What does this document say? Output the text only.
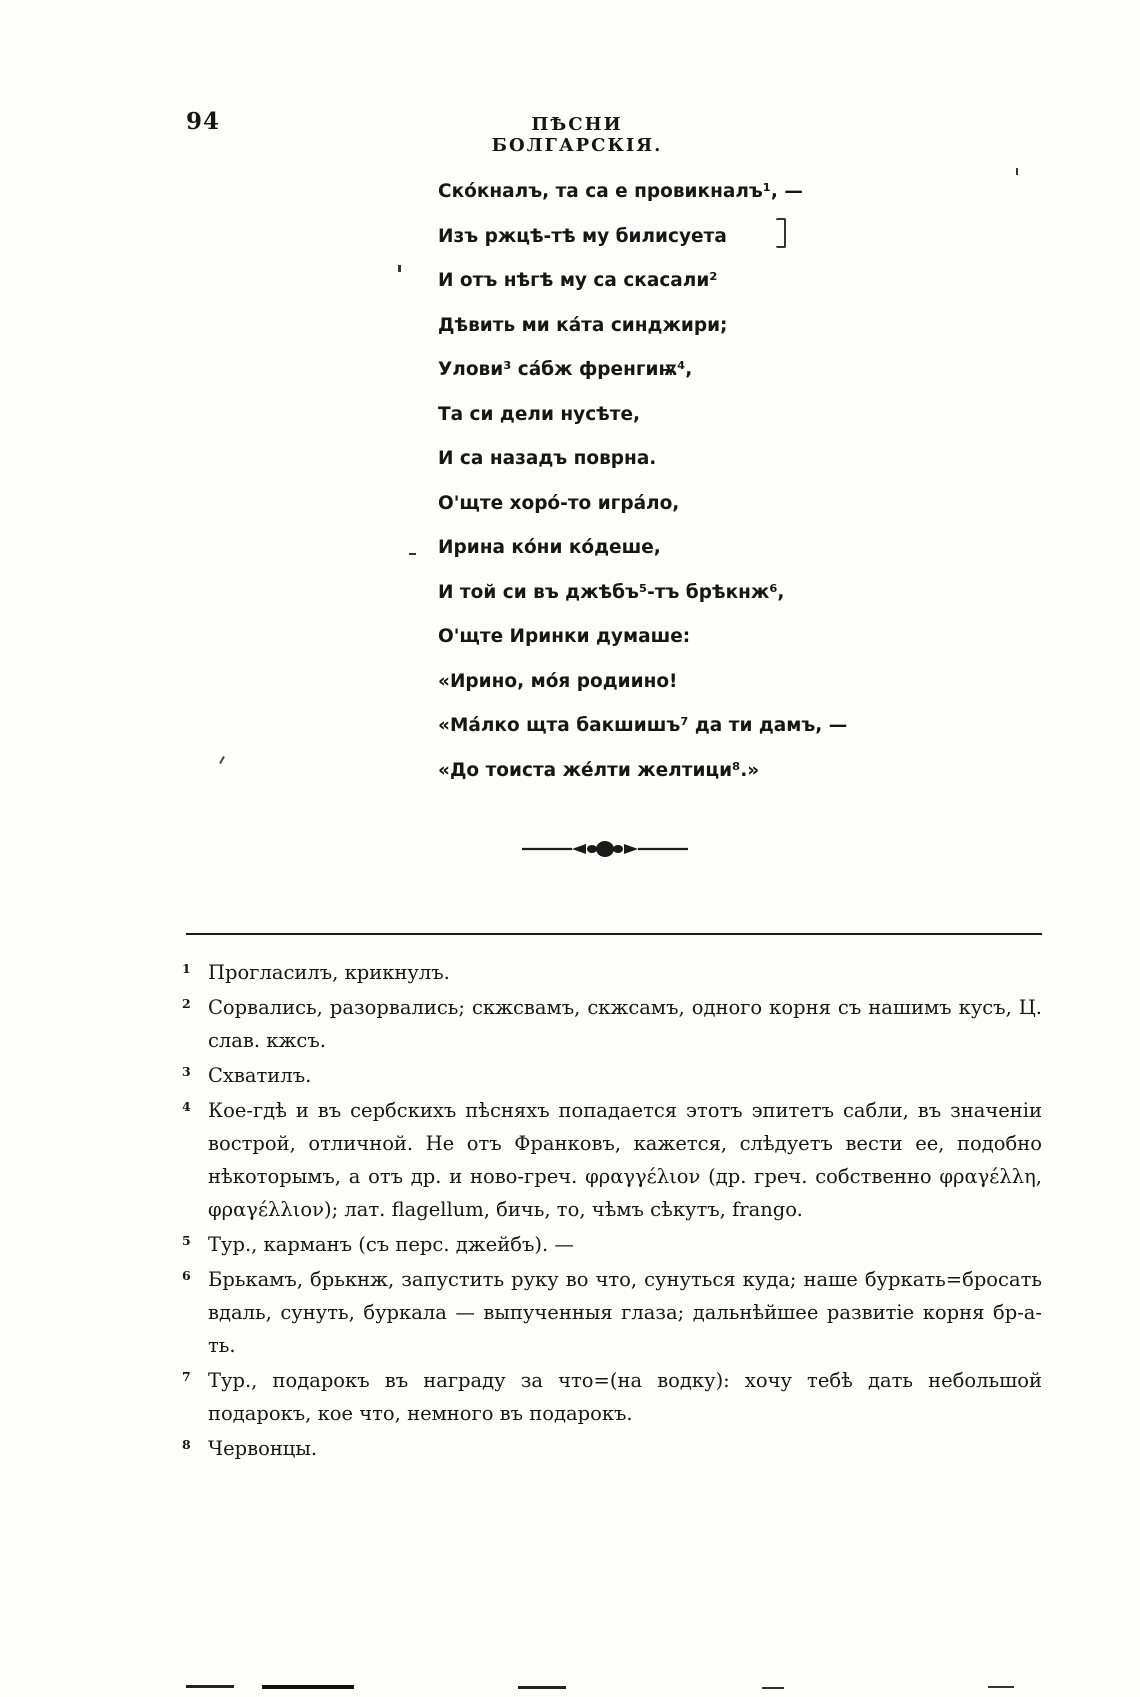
94	ПѢСНИ БОЛГАРСКІЯ.
Скóкналъ, та са е провикналъ¹, —
Изъ ржцѣ-тѣ му билисуета
И отъ нѣгѣ му са скасали²
Дѣвить ми кáта синджири;
Улови³ сáбж френгиѭ⁴,
Та си дели нусѣте,
И са назадъ поврна.
О'щте хорó-то игрáло,
Ирина кóни кóдеше,
И той си въ джѣбъ⁵-тъ брѣкнж⁶,
О'щте Иринки думаше:
«Ирино, мóя родиино!
«Мáлко щта бакшишъ⁷ да ти дамъ, —
«До тоиста жéлти желтици⁸.»
1 Прогласилъ, крикнулъ.
2 Сорвались, разорвались; скжсвамъ, скжсамъ, одного корня съ нашимъ кусъ, Ц. слав. кжсъ.
3 Схватилъ.
4 Кое-гдѣ и въ сербскихъ пѣсняхъ попадается этотъ эпитетъ сабли, въ значеніи вострой, отличной. Не отъ Франковъ, кажется, слѣдуетъ вести ее, подобно нѣкоторымъ, а отъ др. и ново-греч. φραγγέλιον (др. греч. собственно φραγέλλη, φραγέλλιον); лат. flagellum, бичь, то, чѣмъ сѣкутъ, frango.
5 Тур., карманъ (съ перс. джейбъ). —
6 Брькамъ, брькнж, запустить руку во что, сунуться куда; наше буркать=бросать вдаль, сунуть, буркала — выпученныя глаза; дальнѣйшее развитіе корня бр-а-ть.
7 Тур., подарокъ въ награду за что=(на водку): хочу тебѣ дать небольшой подарокъ, кое что, немного въ подарокъ.
8 Червонцы.
